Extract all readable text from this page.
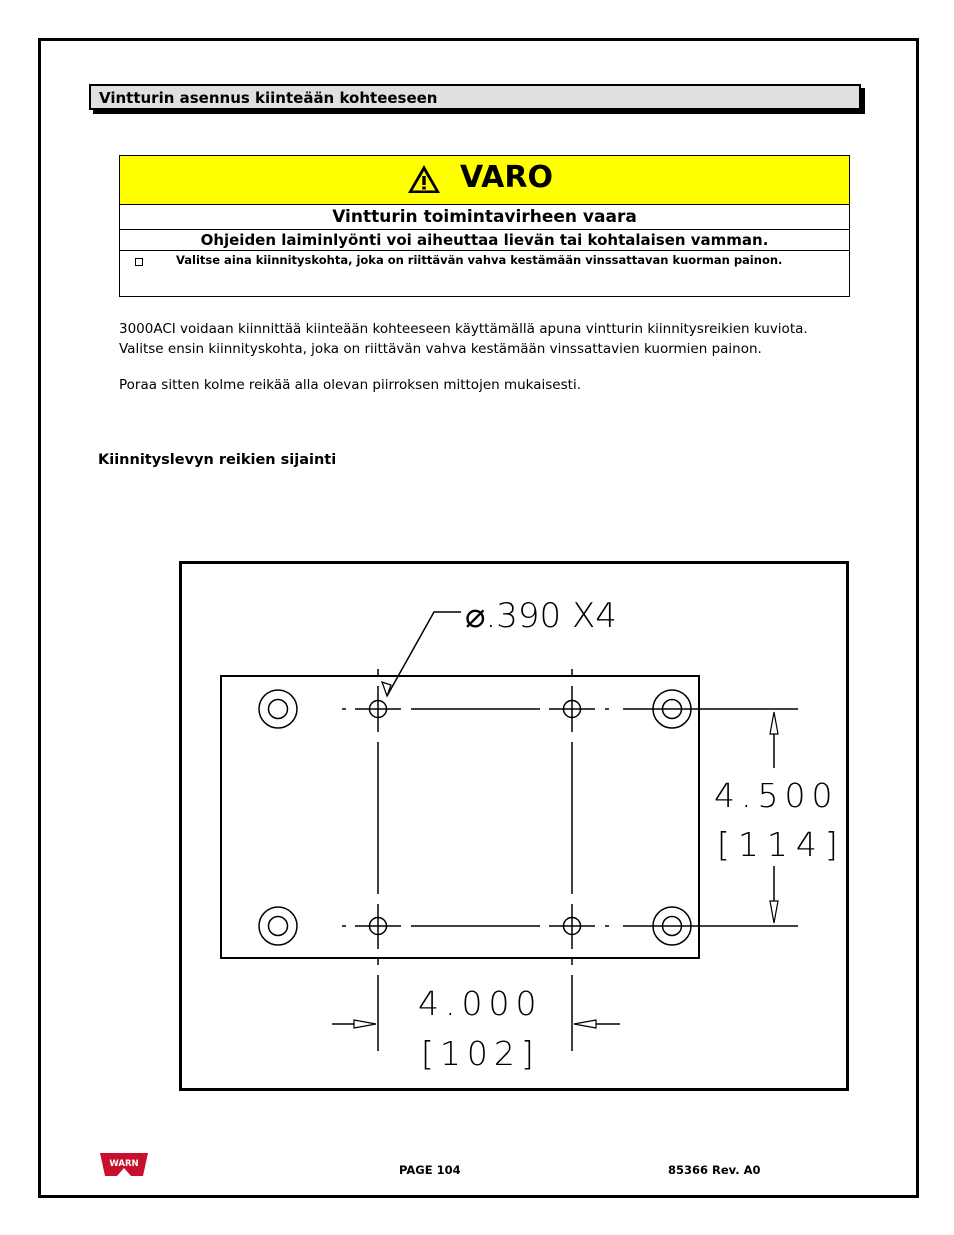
Vintturin asennus kiinteään kohteeseen
VARO
Vintturin toimintavirheen vaara
Ohjeiden laiminlyönti voi aiheuttaa lievän tai kohtalaisen vamman.
Valitse aina kiinnityskohta, joka on riittävän vahva kestämään vinssattavan kuorman painon.
3000ACI voidaan kiinnittää kiinteään kohteeseen käyttämällä apuna vintturin kiinnitysreikien kuviota.
Valitse ensin kiinnityskohta, joka on riittävän vahva kestämään vinssattavien kuormien painon.
Poraa sitten kolme reikää alla olevan piirroksen mittojen mukaisesti.
Kiinnityslevyn reikien sijainti
⌀.390 X4
4.500
[114]
4.000
[102]
WARN	PAGE 104	85366 Rev. A0
